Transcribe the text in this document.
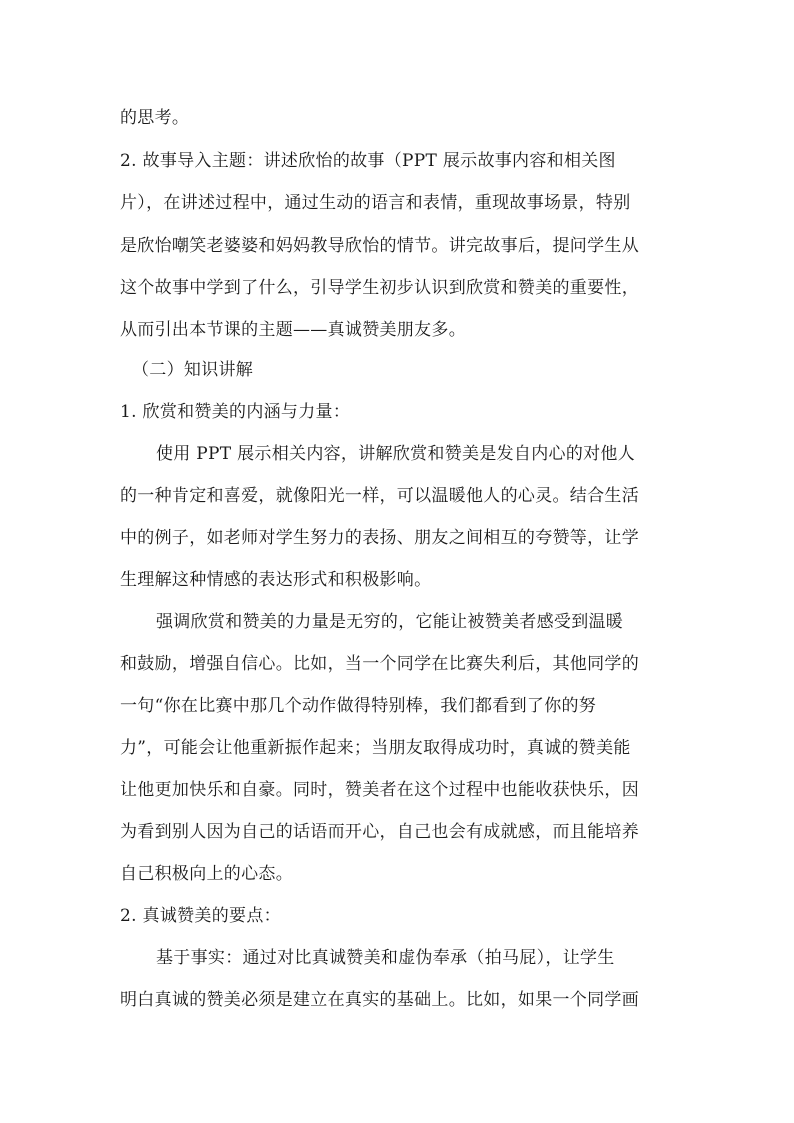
的思考。
2. 故事导入主题：讲述欣怡的故事（PPT 展示故事内容和相关图
片），在讲述过程中，通过生动的语言和表情，重现故事场景，特别
是欣怡嘲笑老婆婆和妈妈教导欣怡的情节。讲完故事后，提问学生从
这个故事中学到了什么，引导学生初步认识到欣赏和赞美的重要性，
从而引出本节课的主题——真诚赞美朋友多。
（二）知识讲解
1. 欣赏和赞美的内涵与力量：
使用 PPT 展示相关内容，讲解欣赏和赞美是发自内心的对他人
的一种肯定和喜爱，就像阳光一样，可以温暖他人的心灵。结合生活
中的例子，如老师对学生努力的表扬、朋友之间相互的夸赞等，让学
生理解这种情感的表达形式和积极影响。
强调欣赏和赞美的力量是无穷的，它能让被赞美者感受到温暖
和鼓励，增强自信心。比如，当一个同学在比赛失利后，其他同学的
一句“你在比赛中那几个动作做得特别棒，我们都看到了你的努
力”，可能会让他重新振作起来；当朋友取得成功时，真诚的赞美能
让他更加快乐和自豪。同时，赞美者在这个过程中也能收获快乐，因
为看到别人因为自己的话语而开心，自己也会有成就感，而且能培养
自己积极向上的心态。
2. 真诚赞美的要点：
基于事实：通过对比真诚赞美和虚伪奉承（拍马屁），让学生
明白真诚的赞美必须是建立在真实的基础上。比如，如果一个同学画
